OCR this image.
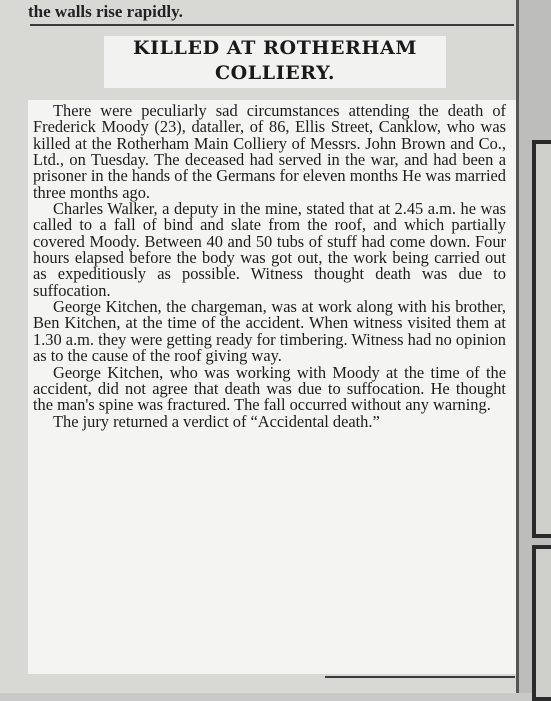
the walls rise rapidly.
KILLED AT ROTHERHAM
COLLIERY.

There were peculiarly sad circumstances attending the death of Frederick Moody (23), dataller, of 86, Ellis Street, Canklow, who was killed at the Rotherham Main Colliery of Messrs. John Brown and Co., Ltd., on Tuesday. The deceased had served in the war, and had been a prisoner in the hands of the Germans for eleven months He was married three months ago.

Charles Walker, a deputy in the mine, stated that at 2.45 a.m. he was called to a fall of bind and slate from the roof, and which partially covered Moody. Between 40 and 50 tubs of stuff had come down. Four hours elapsed before the body was got out, the work being carried out as expeditiously as possible. Witness thought death was due to suffocation.

George Kitchen, the chargeman, was at work along with his brother, Ben Kitchen, at the time of the accident. When witness visited them at 1.30 a.m. they were getting ready for timbering. Witness had no opinion as to the cause of the roof giving way.

George Kitchen, who was working with Moody at the time of the accident, did not agree that death was due to suffocation. He thought the man's spine was fractured. The fall occurred without any warning.

The jury returned a verdict of “Accidental death.”
